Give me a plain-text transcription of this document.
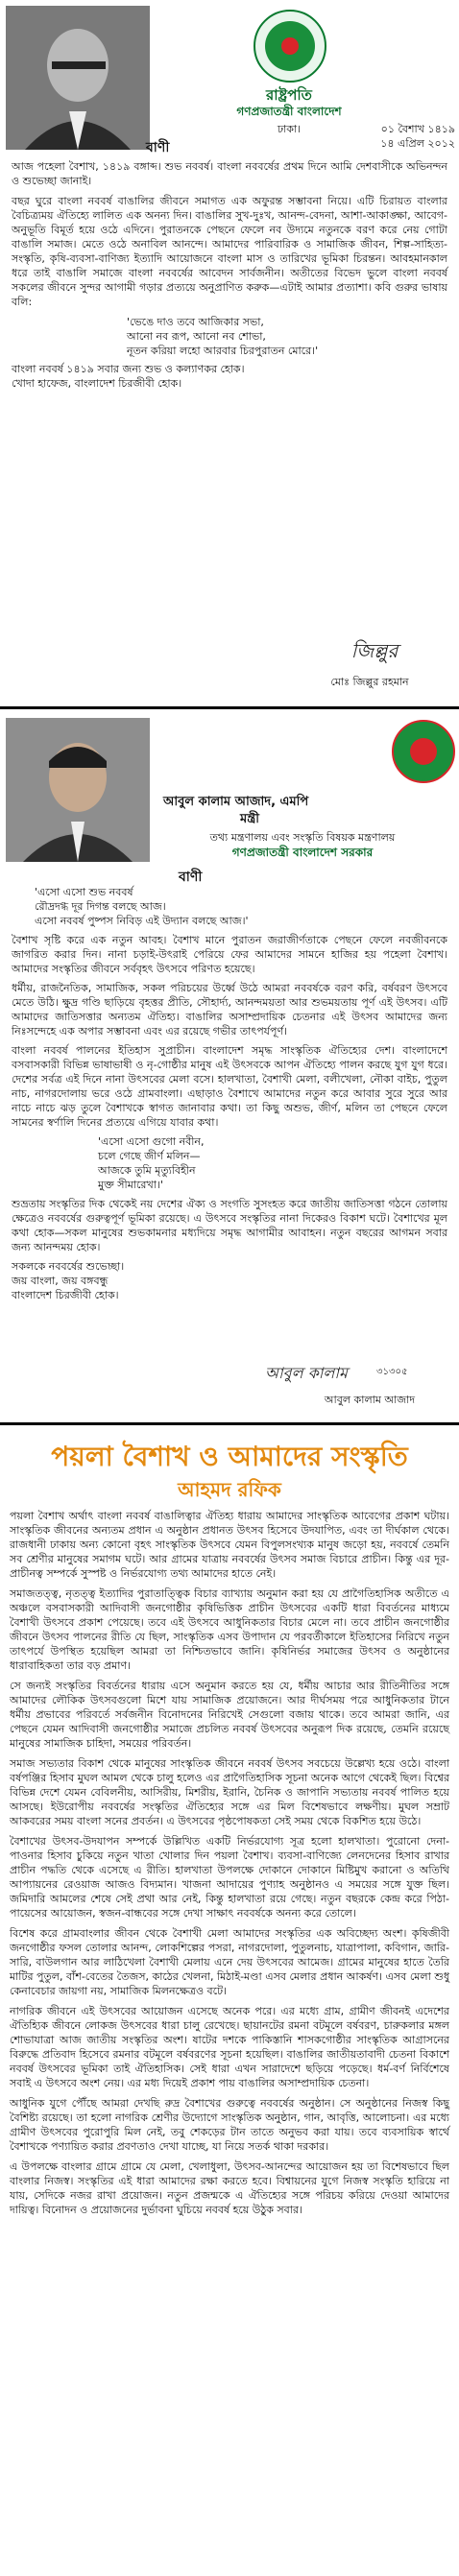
রাষ্ট্রপতি
গণপ্রজাতন্ত্রী বাংলাদেশ
ঢাকা।	০১ বৈশাখ ১৪১৯
১৪ এপ্রিল ২০১২
বাণী

আজ পহেলা বৈশাখ, ১৪১৯ বঙ্গাব্দ। শুভ নববর্ষ। বাংলা নববর্ষের প্রথম দিনে আমি দেশবাসীকে অভিনন্দন ও শুভেচ্ছা জানাই।

বছর ঘুরে বাংলা নববর্ষ বাঙালির জীবনে সমাগত এক অফুরন্ত সম্ভাবনা নিয়ে। এটি চিরায়ত বাংলার বৈচিত্র্যময় ঐতিহ্যে লালিত এক অনন্য দিন। বাঙালির সুখ-দুঃখ, আনন্দ-বেদনা, আশা-আকাঙ্ক্ষা, আবেগ-অনুভূতি বিমূর্ত হয়ে ওঠে এদিনে। পুরাতনকে পেছনে ফেলে নব উদ্যমে নতুনকে বরণ করে নেয় গোটা বাঙালি সমাজ। মেতে ওঠে অনাবিল আনন্দে। আমাদের পারিবারিক ও সামাজিক জীবন, শিল্প-সাহিত্য-সংস্কৃতি, কৃষি-ব্যবসা-বাণিজ্য ইত্যাদি আয়োজনে বাংলা মাস ও তারিখের ভূমিকা চিরন্তন। আবহমানকাল ধরে তাই বাঙালি সমাজে বাংলা নববর্ষের আবেদন সার্বজনীন। অতীতের বিভেদ ভুলে বাংলা নববর্ষ সকলের জীবনে সুন্দর আগামী গড়ার প্রত্যয়ে অনুপ্রাণিত করুক—এটাই আমার প্রত্যাশা। কবি গুরুর ভাষায় বলি:

'ভেঙে দাও তবে আজিকার সভা,
আনো নব রূপ, আনো নব শোভা,
নূতন করিয়া লহো আরবার চিরপুরাতন মোরে।'

বাংলা নববর্ষ ১৪১৯ সবার জন্য শুভ ও কল্যাণকর হোক।

খোদা হাফেজ, বাংলাদেশ চিরজীবী হোক।

জিল্লুর
মোঃ জিল্লুর রহমান
আবুল কালাম আজাদ, এমপি
মন্ত্রী
তথ্য মন্ত্রণালয় এবং সংস্কৃতি বিষয়ক মন্ত্রণালয়
গণপ্রজাতন্ত্রী বাংলাদেশ সরকার
বাণী
'এসো এসো শুভ নববর্ষ
রৌদ্রদগ্ধ দূর দিগন্ত বলছে আজ।
এসো নববর্ষ পুষ্পস নিবিড় এই উদ্যান বলছে আজ।'

বৈশাখ সৃষ্টি করে এক নতুন আবহ। বৈশাখ মানে পুরাতন জরাজীর্ণতাকে পেছনে ফেলে নবজীবনকে জাগরিত করার দিন। নানা চড়াই-উৎরাই পেরিয়ে ফের আমাদের সামনে হাজির হয় পহেলা বৈশাখ। আমাদের সংস্কৃতির জীবনে সর্ববৃহৎ উৎসবে পরিণত হয়েছে।

ধর্মীয়, রাজনৈতিক, সামাজিক, সকল পরিচয়ের উর্ধ্বে উঠে আমরা নববর্ষকে বরণ করি, বর্ষবরণ উৎসবে মেতে উঠি। ক্ষুদ্র গণ্ডি ছাড়িয়ে বৃহত্তর প্রীতি, সৌহার্দ্য, আনন্দময়তা আর শুভময়তায় পূর্ণ এই উৎসব। এটি আমাদের জাতিসত্তার অন্যতম ঐতিহ্য। বাঙালির অসাম্প্রদায়িক চেতনার এই উৎসব আমাদের জন্য নিঃসন্দেহে এক অপার সম্ভাবনা এবং এর রয়েছে গভীর তাৎপর্যপূর্ণ।

বাংলা নববর্ষ পালনের ইতিহাস সুপ্রাচীন। বাংলাদেশ সমৃদ্ধ সাংস্কৃতিক ঐতিহ্যের দেশ। বাংলাদেশে বসবাসকারী বিভিন্ন ভাষাভাষী ও নৃ-গোষ্ঠীর মানুষ এই উৎসবকে আপন ঐতিহ্যে পালন করছে যুগ যুগ ধরে। দেশের সর্বত্র এই দিনে নানা উৎসবের মেলা বসে। হালখাতা, বৈশাখী মেলা, বলীখেলা, নৌকা বাইচ, পুতুল নাচ, নাগরদোলায় ভরে ওঠে গ্রামবাংলা। এছাড়াও বৈশাখে আমাদের নতুন করে আবার সুরে সুরে আর নাচে নাচে ঝড় তুলে বৈশাখকে স্বাগত জানাবার কথা। তা কিছু অশুভ, জীর্ণ, মলিন তা পেছনে ফেলে সামনের স্বর্ণালি দিনের প্রত্যয়ে এগিয়ে যাবার কথা।

'এসো এসো গুগো নবীন,
চলে গেছে জীর্ণ মলিন—
আজকে তুমি মৃত্যুবিহীন
মুক্ত সীমারেখা।'

শুভ্রতায় সংস্কৃতির দিক থেকেই নয় দেশের ঐক্য ও সংগতি সুসংহত করে জাতীয় জাতিসত্তা গঠনে তোলায় ক্ষেত্রেও নববর্ষের গুরুত্বপূর্ণ ভূমিকা রয়েছে। এ উৎসবে সংস্কৃতির নানা দিকেরও বিকাশ ঘটে। বৈশাখের মূল কথা হোক—সকল মানুষের শুভকামনার মধ্যদিয়ে সমৃদ্ধ আগামীর আবাহন। নতুন বছরের আগমন সবার জন্য আনন্দময় হোক।

সকলকে নববর্ষের শুভেচ্ছা।

জয় বাংলা, জয় বঙ্গবন্ধু

বাংলাদেশ চিরজীবী হোক।

আবুল কালাম	৩১৩০৫
আবুল কালাম আজাদ
পয়লা বৈশাখ ও আমাদের সংস্কৃতি
আহমদ রফিক

পয়লা বৈশাখ অর্থাৎ বাংলা নববর্ষ বাঙালিত্বার ঐতিহ্য ধারায় আমাদের সাংস্কৃতিক আবেগের প্রকাশ ঘটায়। সাংস্কৃতিক জীবনের অন্যতম প্রধান এ অনুষ্ঠান প্রধানত উৎসব হিসেবে উদযাপিত, এবং তা দীর্ঘকাল থেকে। রাজধানী ঢাকায় অন্য কোনো বৃহৎ সাংস্কৃতিক উৎসবে যেমন বিপুলসংখ্যক মানুষ জড়ো হয়, নববর্ষে তেমনি সব শ্রেণীর মানুষের সমাগম ঘটে। আর গ্রামের যাত্রায় নববর্ষের উৎসব সমাজ বিচারে প্রাচীন। কিন্তু এর দূর-প্রাচীনত্ব সম্পর্কে সুস্পষ্ট ও নির্ভরযোগ্য তথ্য আমাদের হাতে নেই।

সমাজতত্ত্ব, নৃতত্ত্ব ইত্যাদির পুরাতাত্ত্বিক বিচার ব্যাখ্যায় অনুমান করা হয় যে প্রাগৈতিহাসিক অতীতে এ অঞ্চলে বসবাসকারী আদিবাসী জনগোষ্ঠীর কৃষিভিত্তিক প্রাচীন উৎসবের একটি ধারা বিবর্তনের মাধ্যমে বৈশাখী উৎসবে প্রকাশ পেয়েছে। তবে এই উৎসবে আধুনিকতার বিচার মেলে না। তবে প্রাচীন জনগোষ্ঠীর জীবনে উৎসব পালনের রীতি যে ছিল, সাংস্কৃতিক এসব উপাদান যে পরবর্তীকালে ইতিহাসের নিরিখে নতুন তাৎপর্যে উপস্থিত হয়েছিল আমরা তা নিশ্চিতভাবে জানি। কৃষিনির্ভর সমাজের উৎসব ও অনুষ্ঠানের ধারাবাহিকতা তার বড় প্রমাণ।

সে জন্যই সংস্কৃতির বিবর্তনের ধারায় এসে অনুমান করতে হয় যে, ধর্মীয় আচার আর রীতিনীতির সঙ্গে আমাদের লৌকিক উৎসবগুলো মিশে যায় সামাজিক প্রয়োজনে। আর দীর্ঘসময় পরে আধুনিকতার টানে ধর্মীয় প্রভাবের পরিবর্তে সর্বজনীন বিনোদনের নিরিখেই সেগুলো বজায় থাকে। তবে আমরা জানি, এর পেছনে যেমন আদিবাসী জনগোষ্ঠীর সমাজে প্রচলিত নববর্ষ উৎসবের অনুরূপ দিক রয়েছে, তেমনি রয়েছে মানুষের সামাজিক চাহিদা, সময়ের পরিবর্তন।

সমাজ সভ্যতার বিকাশ থেকে মানুষের সাংস্কৃতিক জীবনে নববর্ষ উৎসব সবচেয়ে উল্লেখ্য হয়ে ওঠে। বাংলা বর্ষপঞ্জির হিসাব মুঘল আমল থেকে চালু হলেও এর প্রাগৈতিহাসিক সূচনা অনেক আগে থেকেই ছিল। বিশ্বের বিভিন্ন দেশে যেমন বেবিলনীয়, আসিরীয়, মিশরীয়, ইরানি, চৈনিক ও জাপানি সভ্যতায় নববর্ষ পালিত হয়ে আসছে। ইউরোপীয় নববর্ষের সংস্কৃতির ঐতিহ্যের সঙ্গে এর মিল বিশেষভাবে লক্ষণীয়। মুঘল সম্রাট আকবরের সময় বাংলা সনের প্রবর্তন। এ উৎসবের পৃষ্ঠপোষকতা সেই সময় থেকে বিকশিত হয়ে উঠে।

বৈশাখের উৎসব-উদযাপন সম্পর্কে উল্লিখিত একটি নির্ভরযোগ্য সূত্র হলো হালখাতা। পুরোনো দেনা-পাওনার হিসাব চুকিয়ে নতুন খাতা খোলার দিন পয়লা বৈশাখ। ব্যবসা-বাণিজ্যে লেনদেনের হিসাব রাখার প্রাচীন পদ্ধতি থেকে এসেছে এ রীতি। হালখাতা উপলক্ষে দোকানে দোকানে মিষ্টিমুখ করানো ও অতিথি আপ্যায়নের রেওয়াজ আজও বিদ্যমান। খাজনা আদায়ের পুণ্যাহ অনুষ্ঠানও এ সময়ের সঙ্গে যুক্ত ছিল। জমিদারি আমলের শেষে সেই প্রথা আর নেই, কিন্তু হালখাতা রয়ে গেছে। নতুন বছরকে কেন্দ্র করে পিঠা-পায়েসের আয়োজন, স্বজন-বান্ধবের সঙ্গে দেখা সাক্ষাৎ নববর্ষকে অনন্য করে তোলে।

বিশেষ করে গ্রামবাংলার জীবন থেকে বৈশাখী মেলা আমাদের সংস্কৃতির এক অবিচ্ছেদ্য অংশ। কৃষিজীবী জনগোষ্ঠীর ফসল তোলার আনন্দ, লোকশিল্পের পসরা, নাগরদোলা, পুতুলনাচ, যাত্রাপালা, কবিগান, জারি-সারি, বাউলগান আর লাঠিখেলা বৈশাখী মেলায় এনে দেয় উৎসবের আমেজ। গ্রামের মানুষের হাতে তৈরি মাটির পুতুল, বাঁশ-বেতের তৈজস, কাঠের খেলনা, মিঠাই-মণ্ডা এসব মেলার প্রধান আকর্ষণ। এসব মেলা শুধু কেনাবেচার জায়গা নয়, সামাজিক মিলনক্ষেত্রও বটে।

নাগরিক জীবনে এই উৎসবের আয়োজন এসেছে অনেক পরে। এর মধ্যে গ্রাম, গ্রামীণ জীবনই এদেশের ঐতিহ্যিক জীবনে লোকজ উৎসবের ধারা চালু রেখেছে। ছায়ানটের রমনা বটমূলে বর্ষবরণ, চারুকলার মঙ্গল শোভাযাত্রা আজ জাতীয় সংস্কৃতির অংশ। ষাটের দশকে পাকিস্তানি শাসকগোষ্ঠীর সাংস্কৃতিক আগ্রাসনের বিরুদ্ধে প্রতিবাদ হিসেবে রমনার বটমূলে বর্ষবরণের সূচনা হয়েছিল। বাঙালির জাতীয়তাবাদী চেতনা বিকাশে নববর্ষ উৎসবের ভূমিকা তাই ঐতিহাসিক। সেই ধারা এখন সারাদেশে ছড়িয়ে পড়েছে। ধর্ম-বর্ণ নির্বিশেষে সবাই এ উৎসবে অংশ নেয়। এর মধ্য দিয়েই প্রকাশ পায় বাঙালির অসাম্প্রদায়িক চেতনা।

আধুনিক যুগে পৌঁছে আমরা দেখছি রুদ্র বৈশাখের গুরুত্বে নববর্ষের অনুষ্ঠান। সে অনুষ্ঠানের নিজস্ব কিছু বৈশিষ্ট্য রয়েছে। তা হলো নাগরিক শ্রেণীর উদ্যোগে সাংস্কৃতিক অনুষ্ঠান, গান, আবৃত্তি, আলোচনা। এর মধ্যে গ্রামীণ উৎসবের পুরোপুরি মিল নেই, তবু শেকড়ের টান তাতে অনুভব করা যায়। তবে ব্যবসায়িক স্বার্থে বৈশাখকে পণ্যায়িত করার প্রবণতাও দেখা যাচ্ছে, যা নিয়ে সতর্ক থাকা দরকার।

এ উপলক্ষে বাংলার গ্রামে গ্রামে যে মেলা, খেলাধুলা, উৎসব-আনন্দের আয়োজন হয় তা বিশেষভাবে ছিল বাংলার নিজস্ব। সংস্কৃতির এই ধারা আমাদের রক্ষা করতে হবে। বিশ্বায়নের যুগে নিজস্ব সংস্কৃতি হারিয়ে না যায়, সেদিকে নজর রাখা প্রয়োজন। নতুন প্রজন্মকে এ ঐতিহ্যের সঙ্গে পরিচয় করিয়ে দেওয়া আমাদের দায়িত্ব। বিনোদন ও প্রয়োজনের দুর্ভাবনা ঘুচিয়ে নববর্ষ হয়ে উঠুক সবার।
